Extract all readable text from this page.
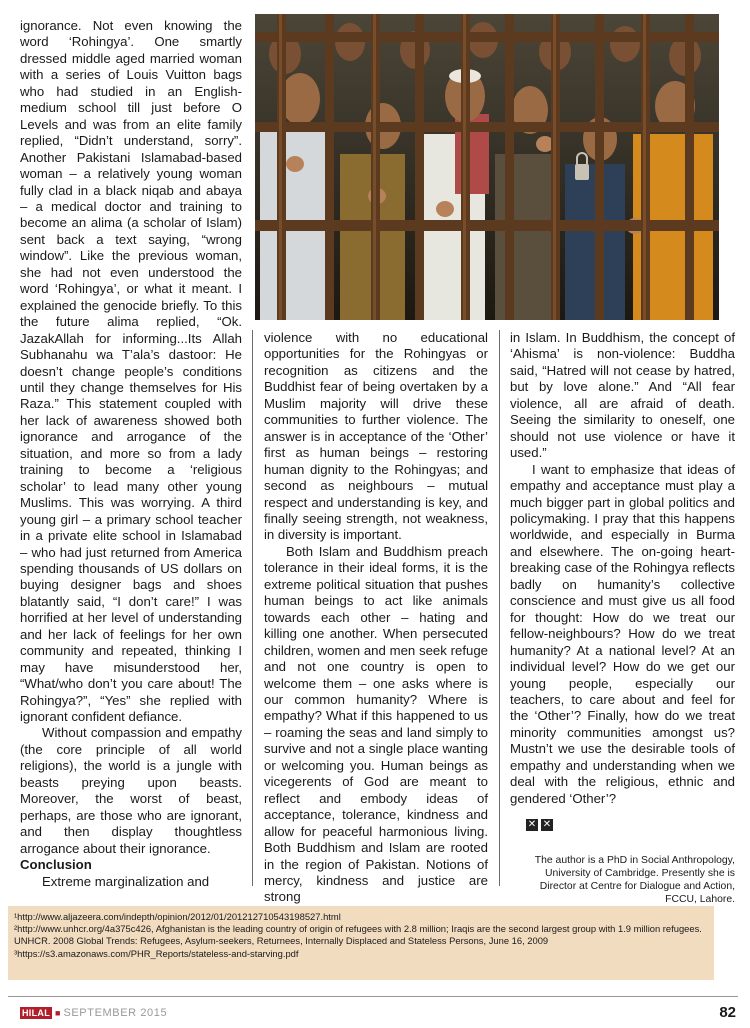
ignorance. Not even knowing the word ‘Rohingya’. One smartly dressed middle aged married woman with a series of Louis Vuitton bags who had studied in an English-medium school till just before O Levels and was from an elite family replied, “Didn’t understand, sorry”. Another Pakistani Islamabad-based woman – a relatively young woman fully clad in a black niqab and abaya – a medical doctor and training to become an alima (a scholar of Islam) sent back a text saying, “wrong window”. Like the previous woman, she had not even understood the word ‘Rohingya’, or what it meant. I explained the genocide briefly. To this the future alima replied, “Ok. JazakAllah for informing...Its Allah Subhanahu wa T’ala’s dastoor: He doesn’t change people’s conditions until they change themselves for His Raza.” This statement coupled with her lack of awareness showed both ignorance and arrogance of the situation, and more so from a lady training to become a ‘religious scholar’ to lead many other young Muslims. This was worrying. A third young girl – a primary school teacher in a private elite school in Islamabad – who had just returned from America spending thousands of US dollars on buying designer bags and shoes blatantly said, “I don’t care!” I was horrified at her level of understanding and her lack of feelings for her own community and repeated, thinking I may have misunderstood her, “What/who don’t you care about! The Rohingya?”, “Yes” she replied with ignorant confident defiance.

Without compassion and empathy (the core principle of all world religions), the world is a jungle with beasts preying upon beasts. Moreover, the worst of beast, perhaps, are those who are ignorant, and then display thoughtless arrogance about their ignorance.

Conclusion

Extreme marginalization and

violence with no educational opportunities for the Rohingyas or recognition as citizens and the Buddhist fear of being overtaken by a Muslim majority will drive these communities to further violence. The answer is in acceptance of the ‘Other’ first as human beings – restoring human dignity to the Rohingyas; and second as neighbours – mutual respect and understanding is key, and finally seeing strength, not weakness, in diversity is important.

Both Islam and Buddhism preach tolerance in their ideal forms, it is the extreme political situation that pushes human beings to act like animals towards each other – hating and killing one another. When persecuted children, women and men seek refuge and not one country is open to welcome them – one asks where is our common humanity? Where is empathy? What if this happened to us – roaming the seas and land simply to survive and not a single place wanting or welcoming you. Human beings as vicegerents of God are meant to reflect and embody ideas of acceptance, tolerance, kindness and allow for peaceful harmonious living. Both Buddhism and Islam are rooted in the region of Pakistan. Notions of mercy, kindness and justice are strong

in Islam. In Buddhism, the concept of ‘Ahisma’ is non-violence: Buddha said, “Hatred will not cease by hatred, but by love alone.” And “All fear violence, all are afraid of death. Seeing the similarity to oneself, one should not use violence or have it used.”

I want to emphasize that ideas of empathy and acceptance must play a much bigger part in global politics and policymaking. I pray that this happens worldwide, and especially in Burma and elsewhere. The on-going heart-breaking case of the Rohingya reflects badly on humanity’s collective conscience and must give us all food for thought: How do we treat our fellow-neighbours? How do we treat humanity? At a national level? At an individual level? How do we get our young people, especially our teachers, to care about and feel for the ‘Other’? Finally, how do we treat minority communities amongst us? Mustn’t we use the desirable tools of empathy and understanding when we deal with the religious, ethnic and gendered ‘Other’?

✕ ✕
The author is a PhD in Social Anthropology,
University of Cambridge. Presently she is
Director at Centre for Dialogue and Action,
FCCU, Lahore.

¹http://www.aljazeera.com/indepth/opinion/2012/01/201212710543198527.html

²http://www.unhcr.org/4a375c426, Afghanistan is the leading country of origin of refugees with 2.8 million; Iraqis are the second largest group with 1.9 million refugees. UNHCR. 2008 Global Trends: Refugees, Asylum-seekers, Returnees, Internally Displaced and Stateless Persons, June 16, 2009

³https://s3.amazonaws.com/PHR_Reports/stateless-and-starving.pdf

HILAL ■ SEPTEMBER 2015	82
